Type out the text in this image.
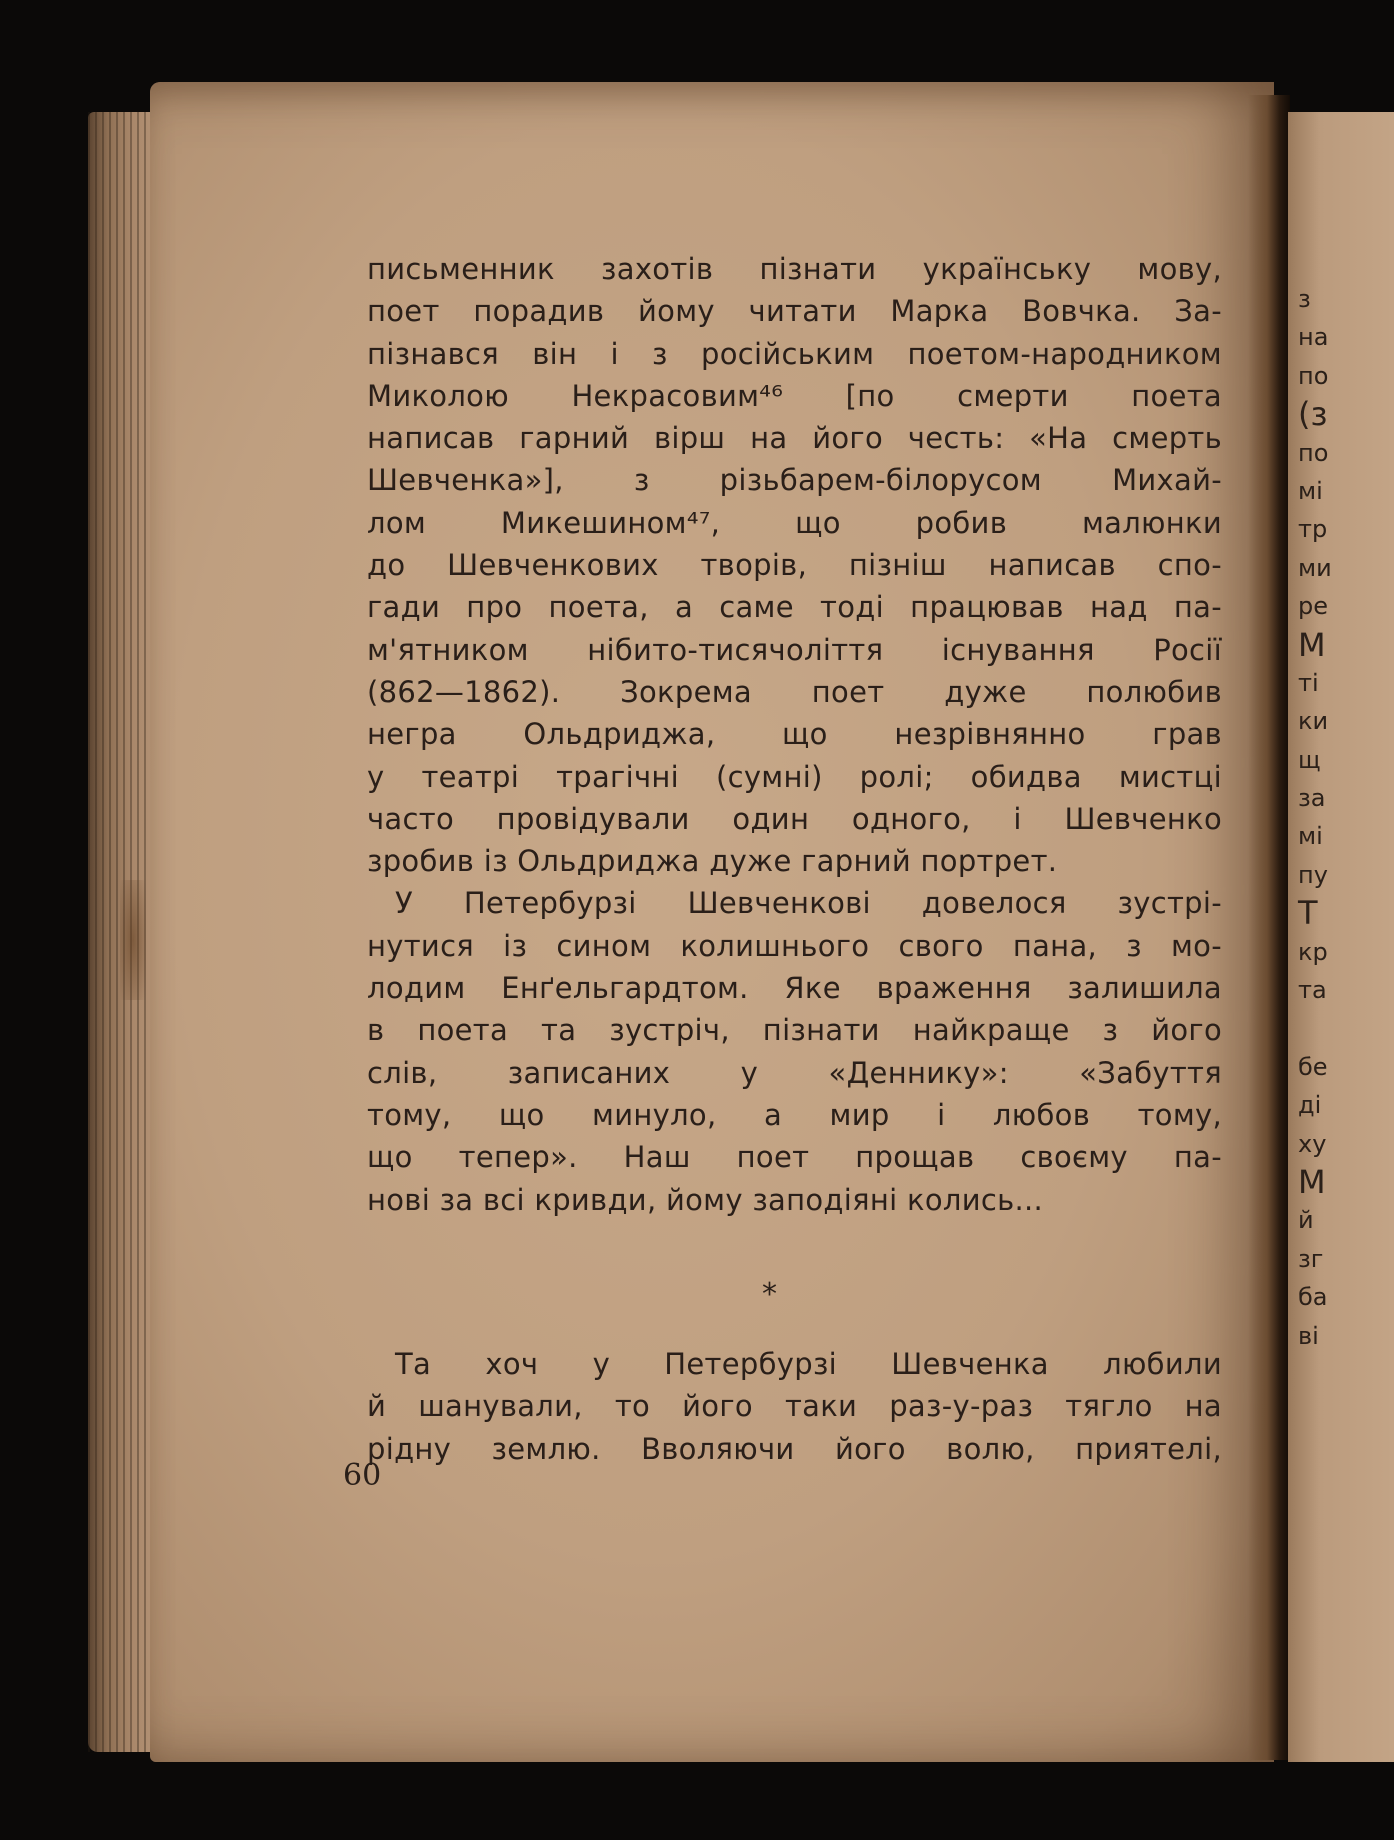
з
на
по
(з
по
мі
тр
ми
ре
М
ті
ки
щ
за
мі
пу
Т
кр
та
бе
ді
ху
М
й
зг
ба
ві
письменник захотів пізнати українську мову,
поет порадив йому читати Марка Вовчка. За-
пізнався він і з російським поетом-народником
Миколою Некрасовим⁴⁶ [по смерти поета
написав гарний вірш на його честь: «На смерть
Шевченка»], з різьбарем-білорусом Михай-
лом Микешином⁴⁷, що робив малюнки
до Шевченкових творів, пізніш написав спо-
гади про поета, а саме тоді працював над па-
м'ятником нібито-тисячоліття існування Росії
(862—1862). Зокрема поет дуже полюбив
негра Ольдриджа, що незрівнянно грав
у театрі трагічні (сумні) ролі; обидва мистці
часто провідували один одного, і Шевченко
зробив із Ольдриджа дуже гарний портрет.
У Петербурзі Шевченкові довелося зустрі-
нутися із сином колишнього свого пана, з мо-
лодим Енґельгардтом. Яке враження залишила
в поета та зустріч, пізнати найкраще з його
слів, записаних у «Деннику»: «Забуття
тому, що минуло, а мир і любов тому,
що тепер». Наш поет прощав своєму па-
нові за всі кривди, йому заподіяні колись...
*
Та хоч у Петербурзі Шевченка любили
й шанували, то його таки раз-у-раз тягло на
рідну землю. Вволяючи його волю, приятелі,
60
